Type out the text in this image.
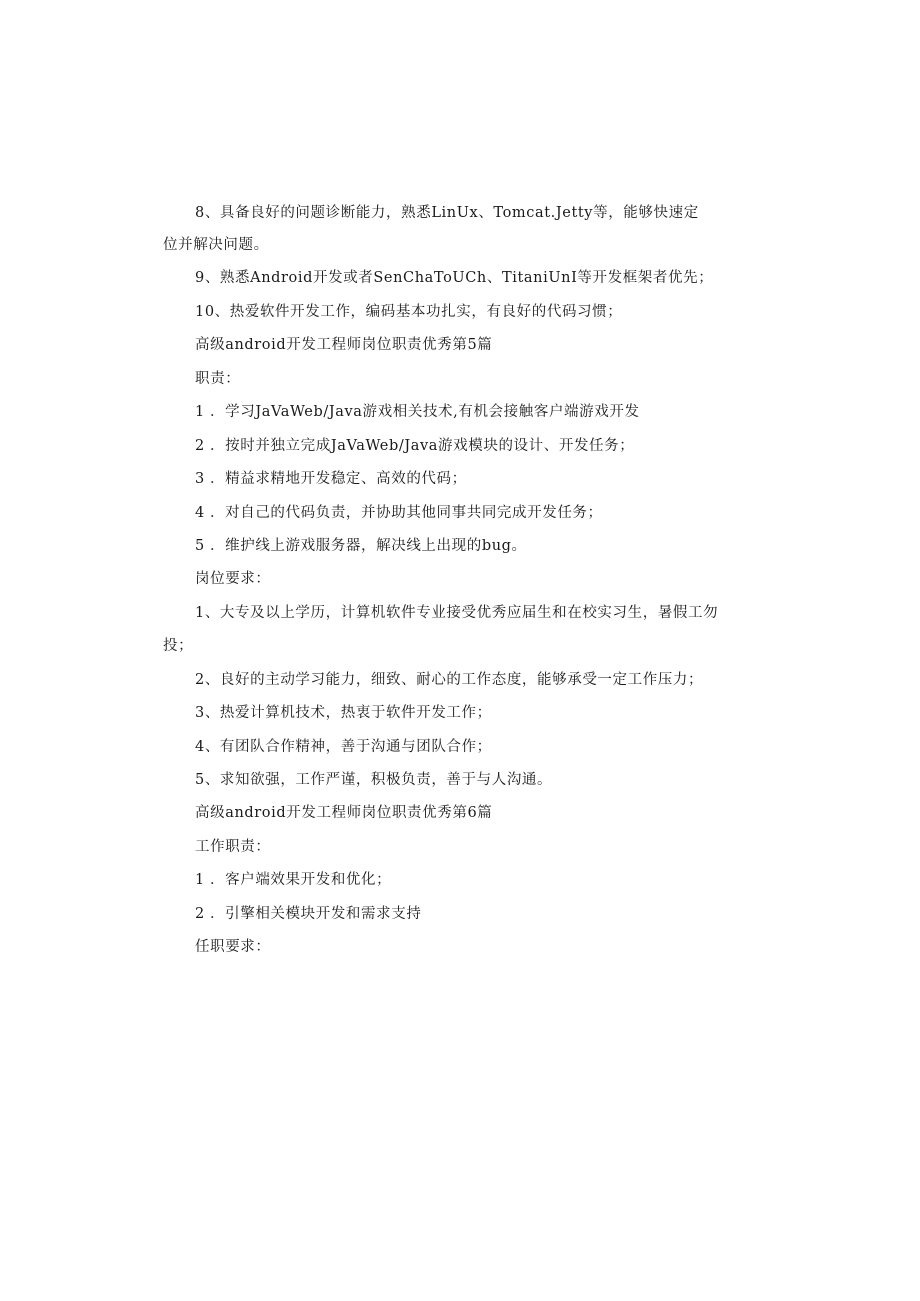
8、具备良好的问题诊断能力，熟悉LinUx、Tomcat.Jetty等，能够快速定
位并解决问题。
9、熟悉Android开发或者SenChaToUCh、TitaniUnI等开发框架者优先；
10、热爱软件开发工作，编码基本功扎实，有良好的代码习惯；
高级android开发工程师岗位职责优秀第5篇
职责：
1 ．学习JaVaWeb/Java游戏相关技术,有机会接触客户端游戏开发
2 ．按时并独立完成JaVaWeb/Java游戏模块的设计、开发任务；
3 ．精益求精地开发稳定、高效的代码；
4 ．对自己的代码负责，并协助其他同事共同完成开发任务；
5 ．维护线上游戏服务器，解决线上出现的bug。
岗位要求：
1、大专及以上学历，计算机软件专业接受优秀应届生和在校实习生，暑假工勿
投；
2、良好的主动学习能力，细致、耐心的工作态度，能够承受一定工作压力；
3、热爱计算机技术，热衷于软件开发工作；
4、有团队合作精神，善于沟通与团队合作；
5、求知欲强，工作严谨，积极负责，善于与人沟通。
高级android开发工程师岗位职责优秀第6篇
工作职责：
1 ．客户端效果开发和优化；
2 ．引擎相关模块开发和需求支持
任职要求：
